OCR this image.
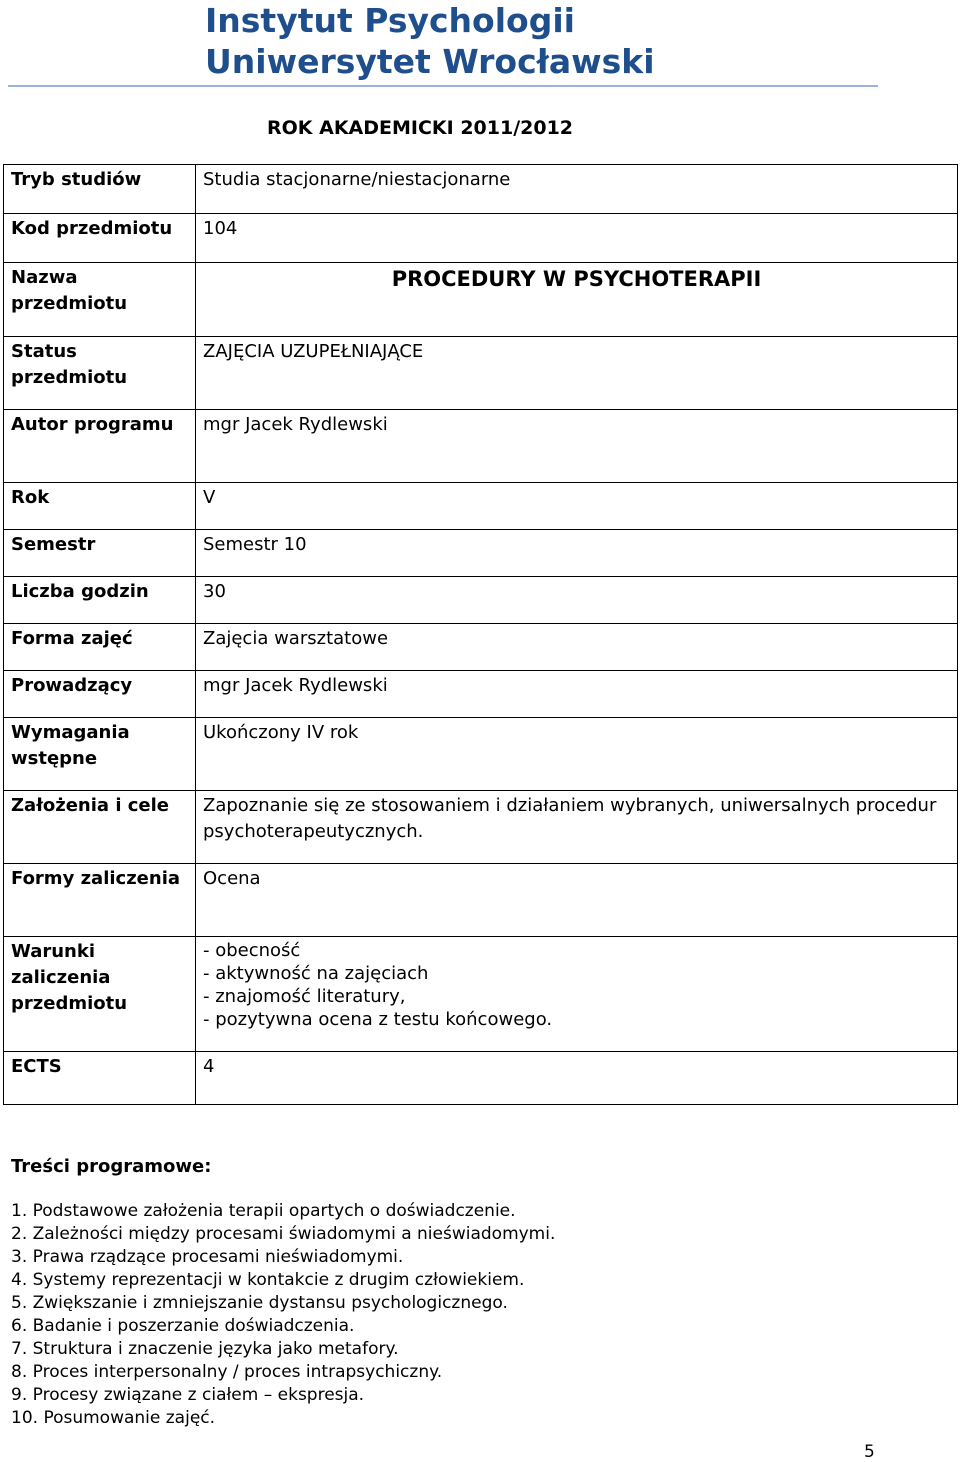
Instytut Psychologii
Uniwersytet Wrocławski
ROK AKADEMICKI 2011/2012
Tryb studiów	Studia stacjonarne/niestacjonarne
Kod przedmiotu	104
Nazwa przedmiotu	PROCEDURY W PSYCHOTERAPII
Status przedmiotu	ZAJĘCIA UZUPEŁNIAJĄCE
Autor programu	mgr Jacek Rydlewski
Rok	V
Semestr	Semestr 10
Liczba godzin	30
Forma zajęć	Zajęcia warsztatowe
Prowadzący	mgr Jacek Rydlewski
Wymagania wstępne	Ukończony IV rok
Założenia i cele	Zapoznanie się ze stosowaniem i działaniem wybranych, uniwersalnych procedur psychoterapeutycznych.
Formy zaliczenia	Ocena
Warunki zaliczenia przedmiotu	- obecność
- aktywność na zajęciach
- znajomość literatury,
- pozytywna ocena z testu końcowego.

ECTS	4
Treści programowe:
1. Podstawowe założenia terapii opartych o doświadczenie.
2. Zależności między procesami świadomymi a nieświadomymi.
3. Prawa rządzące procesami nieświadomymi.
4. Systemy reprezentacji w kontakcie z drugim człowiekiem.
5. Zwiększanie i zmniejszanie dystansu psychologicznego.
6. Badanie i poszerzanie doświadczenia.
7. Struktura i znaczenie języka jako metafory.
8. Proces interpersonalny / proces intrapsychiczny.
9. Procesy związane z ciałem – ekspresja.
10. Posumowanie zajęć.
5
